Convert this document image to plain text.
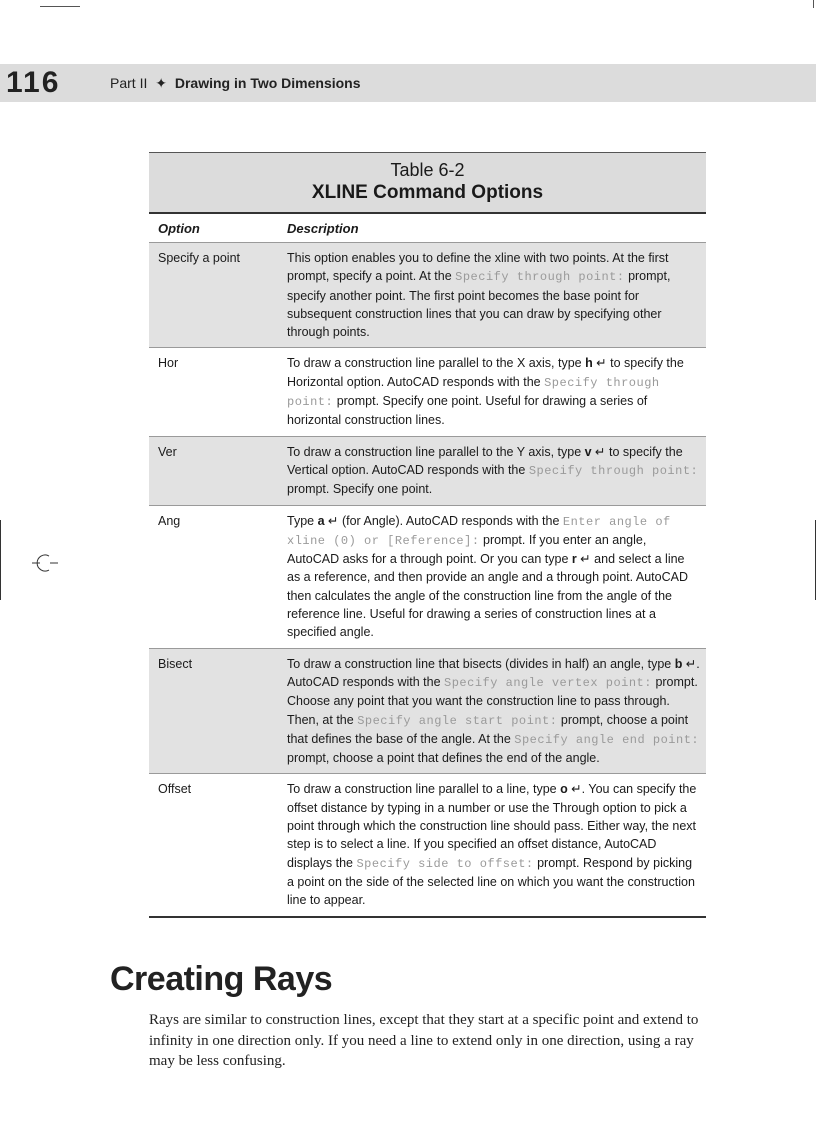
116	Part II ✦ Drawing in Two Dimensions
Table 6-2
XLINE Command Options
Option	Description
Specify a point	This option enables you to define the xline with two points. At the first prompt, specify a point. At the Specify through point: prompt, specify another point. The first point becomes the base point for subsequent construction lines that you can draw by specifying other through points.
Hor	To draw a construction line parallel to the X axis, type h ↵ to specify the Horizontal option. AutoCAD responds with the Specify through point: prompt. Specify one point. Useful for drawing a series of horizontal construction lines.
Ver	To draw a construction line parallel to the Y axis, type v ↵ to specify the Vertical option. AutoCAD responds with the Specify through point: prompt. Specify one point.
Ang	Type a ↵ (for Angle). AutoCAD responds with the Enter angle of xline (0) or [Reference]: prompt. If you enter an angle, AutoCAD asks for a through point. Or you can type r ↵ and select a line as a reference, and then provide an angle and a through point. AutoCAD then calculates the angle of the construction line from the angle of the reference line. Useful for drawing a series of construction lines at a specified angle.
Bisect	To draw a construction line that bisects (divides in half) an angle, type b ↵. AutoCAD responds with the Specify angle vertex point: prompt. Choose any point that you want the construction line to pass through. Then, at the Specify angle start point: prompt, choose a point that defines the base of the angle. At the Specify angle end point: prompt, choose a point that defines the end of the angle.
Offset	To draw a construction line parallel to a line, type o ↵. You can specify the offset distance by typing in a number or use the Through option to pick a point through which the construction line should pass. Either way, the next step is to select a line. If you specified an offset distance, AutoCAD displays the Specify side to offset: prompt. Respond by picking a point on the side of the selected line on which you want the construction line to appear.
Creating Rays
Rays are similar to construction lines, except that they start at a specific point and extend to infinity in one direction only. If you need a line to extend only in one direction, using a ray may be less confusing.
